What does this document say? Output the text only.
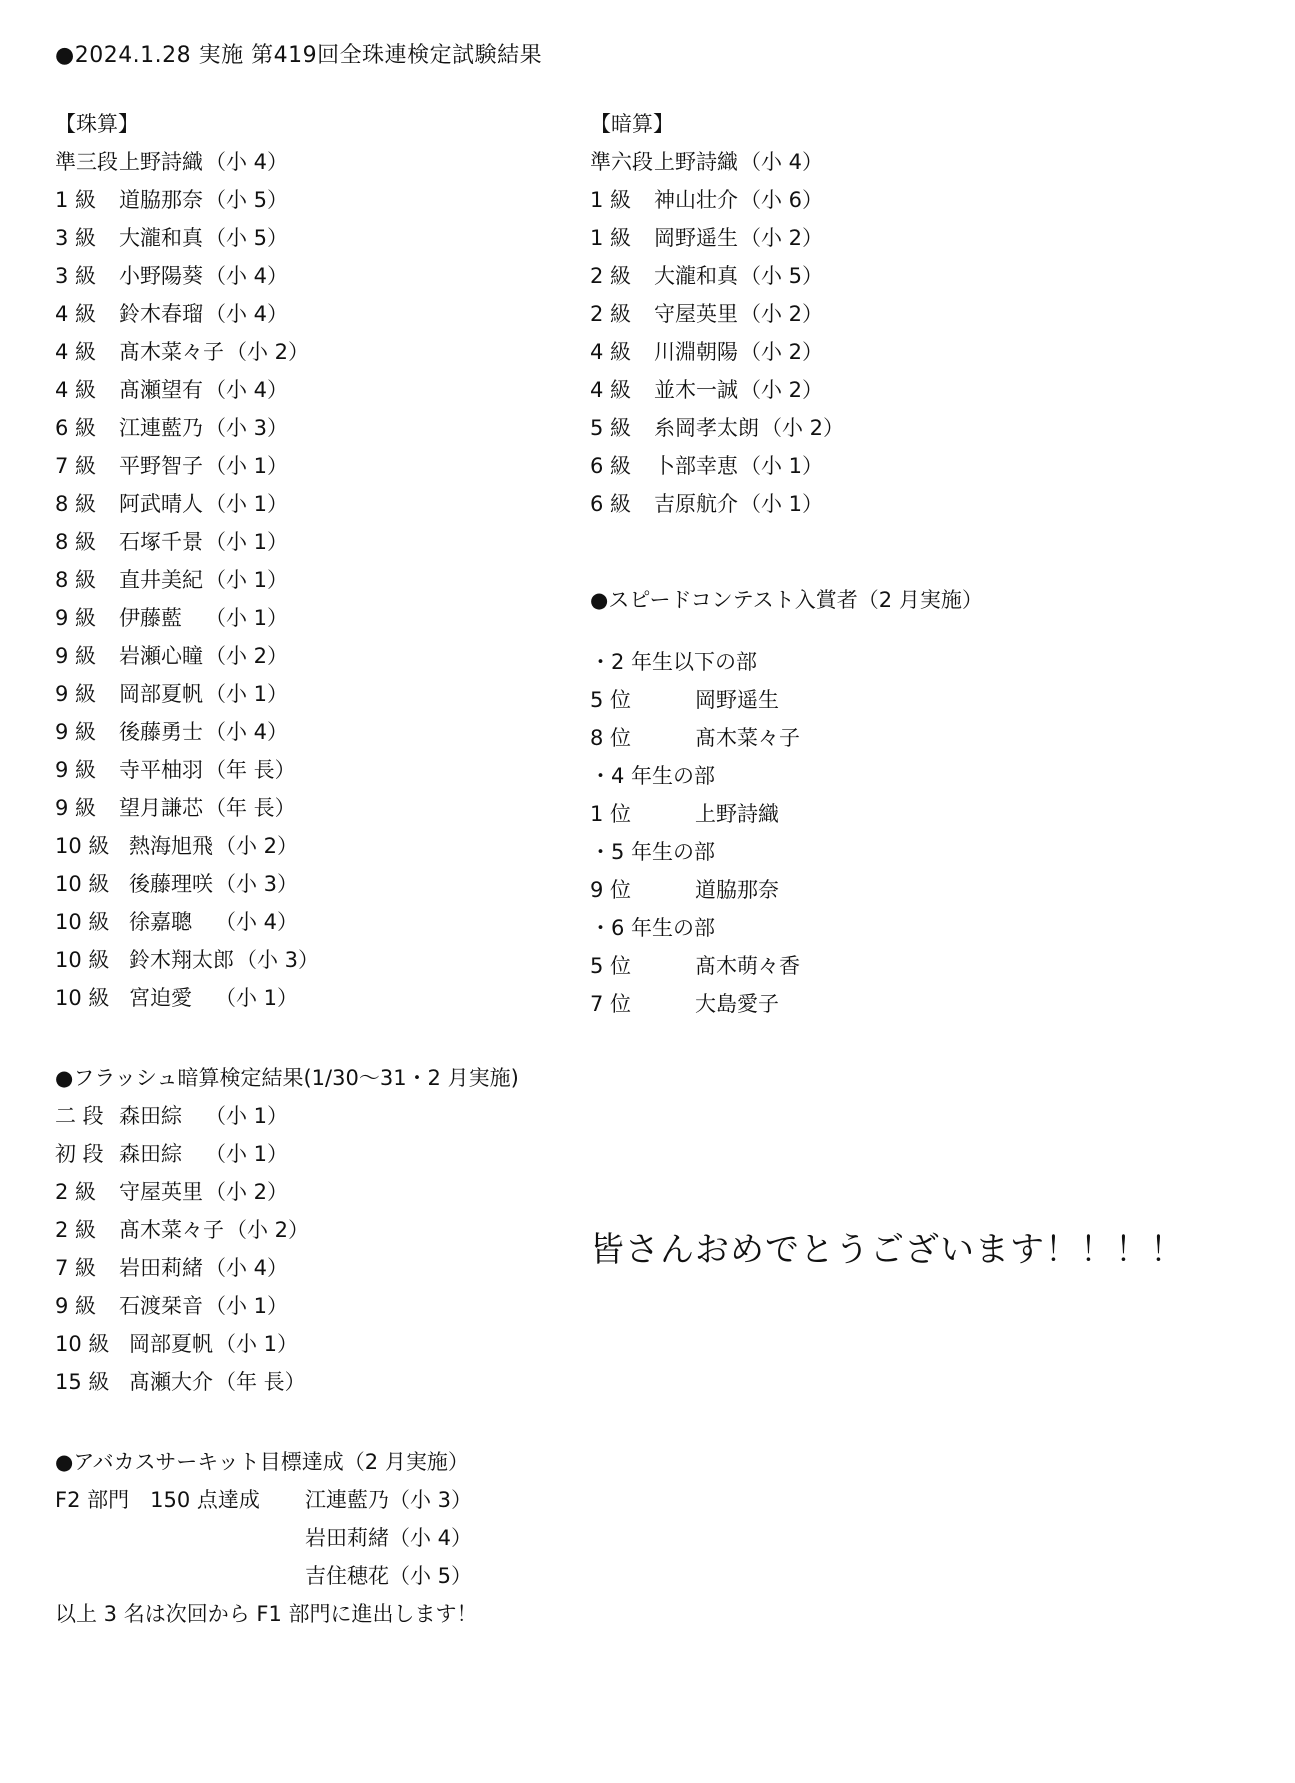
●2024.1.28 実施 第419回全珠連検定試験結果
【珠算】
準三段 上野詩織 （小 4）
1 級	道脇那奈 （小 5）
3 級	大瀧和真 （小 5）
3 級	小野陽葵 （小 4）
4 級	鈴木春瑠 （小 4）
4 級	髙木菜々子 （小 2）
4 級	髙瀬望有 （小 4）
6 級	江連藍乃 （小 3）
7 級	平野智子 （小 1）
8 級	阿武晴人 （小 1）
8 級	石塚千景 （小 1）
8 級	直井美紀 （小 1）
9 級	伊藤藍　 （小 1）
9 級	岩瀬心瞳 （小 2）
9 級	岡部夏帆 （小 1）
9 級	後藤勇士 （小 4）
9 級	寺平柚羽 （年 長）
9 級	望月謙芯 （年 長）
10 級 熱海旭飛 （小 2）
10 級 後藤理咲 （小 3）
10 級 徐嘉聰　 （小 4）
10 級 鈴木翔太郎 （小 3）
10 級 宮迫愛　 （小 1）
●フラッシュ暗算検定結果(1/30〜31・2 月実施)
二 段 森田綜　 （小 1）
初 段 森田綜　 （小 1）
2 級	守屋英里 （小 2）
2 級	髙木菜々子 （小 2）
7 級	岩田莉緒 （小 4）
9 級	石渡栞音 （小 1）
10 級 岡部夏帆 （小 1）
15 級 髙瀬大介 （年 長）
●アバカスサーキット目標達成（2 月実施）
F2 部門　150 点達成	江連藍乃（小 3）
岩田莉緒（小 4）
吉住穂花（小 5）
以上 3 名は次回から F1 部門に進出します！
【暗算】
準六段 上野詩織 （小 4）
1 級	神山壮介 （小 6）
1 級	岡野遥生 （小 2）
2 級	大瀧和真 （小 5）
2 級	守屋英里 （小 2）
4 級	川淵朝陽 （小 2）
4 級	並木一誠 （小 2）
5 級	糸岡孝太朗 （小 2）
6 級	卜部幸恵 （小 1）
6 級	吉原航介 （小 1）
●スピードコンテスト入賞者（2 月実施）
・2 年生以下の部
5 位	岡野遥生
8 位	髙木菜々子
・4 年生の部
1 位	上野詩織
・5 年生の部
9 位	道脇那奈
・6 年生の部
5 位	髙木萌々香
7 位	大島愛子
皆さんおめでとうございます！！！！
